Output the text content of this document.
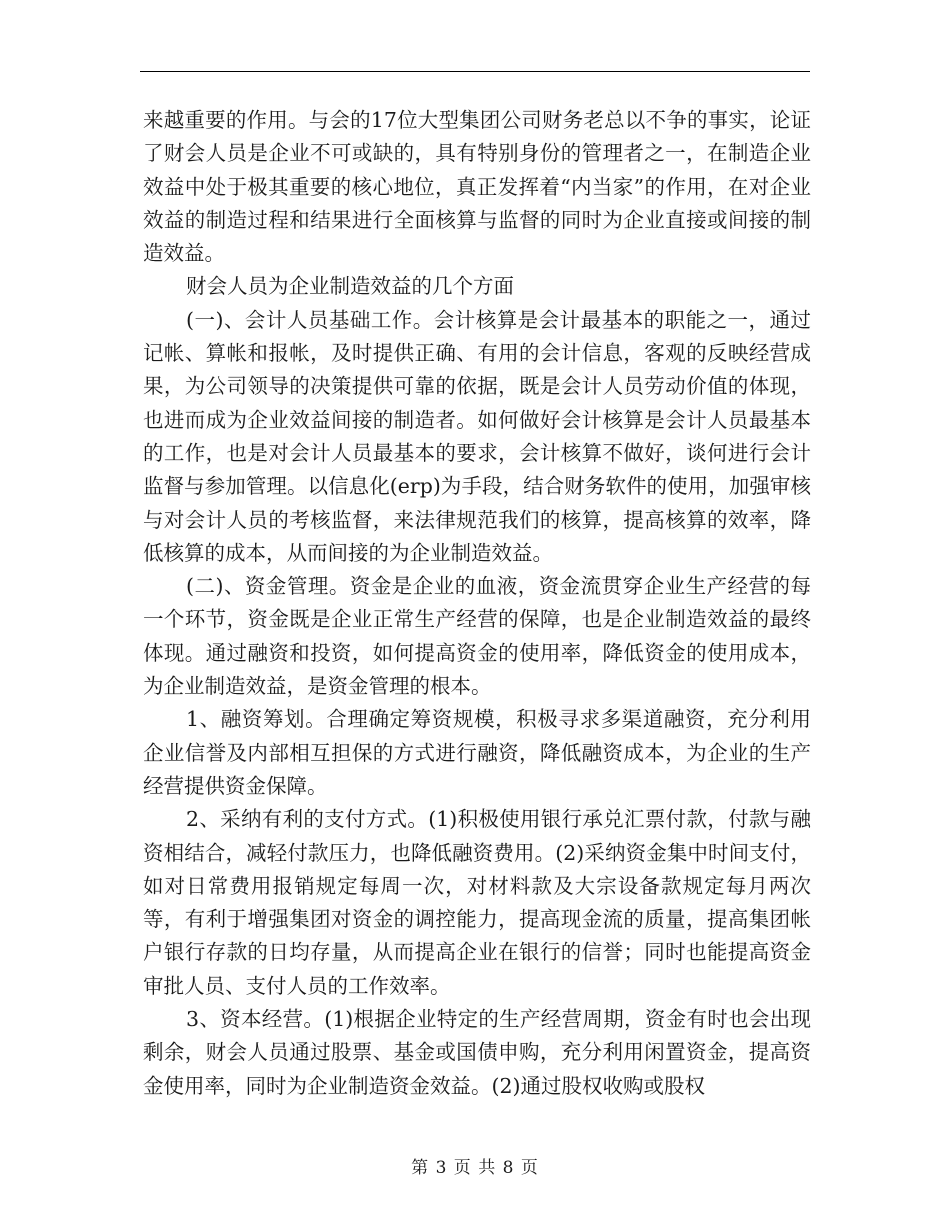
来越重要的作用。与会的17位大型集团公司财务老总以不争的事实，论证了财会人员是企业不可或缺的，具有特别身份的管理者之一，在制造企业效益中处于极其重要的核心地位，真正发挥着“内当家”的作用，在对企业效益的制造过程和结果进行全面核算与监督的同时为企业直接或间接的制造效益。

财会人员为企业制造效益的几个方面

(一)、会计人员基础工作。会计核算是会计最基本的职能之一，通过记帐、算帐和报帐，及时提供正确、有用的会计信息，客观的反映经营成果，为公司领导的决策提供可靠的依据，既是会计人员劳动价值的体现，也进而成为企业效益间接的制造者。如何做好会计核算是会计人员最基本的工作，也是对会计人员最基本的要求，会计核算不做好，谈何进行会计监督与参加管理。以信息化(erp)为手段，结合财务软件的使用，加强审核与对会计人员的考核监督，来法律规范我们的核算，提高核算的效率，降低核算的成本，从而间接的为企业制造效益。

(二)、资金管理。资金是企业的血液，资金流贯穿企业生产经营的每一个环节，资金既是企业正常生产经营的保障，也是企业制造效益的最终体现。通过融资和投资，如何提高资金的使用率，降低资金的使用成本，为企业制造效益，是资金管理的根本。

1、融资筹划。合理确定筹资规模，积极寻求多渠道融资，充分利用企业信誉及内部相互担保的方式进行融资，降低融资成本，为企业的生产经营提供资金保障。

2、采纳有利的支付方式。(1)积极使用银行承兑汇票付款，付款与融资相结合，减轻付款压力，也降低融资费用。(2)采纳资金集中时间支付，如对日常费用报销规定每周一次，对材料款及大宗设备款规定每月两次等，有利于增强集团对资金的调控能力，提高现金流的质量，提高集团帐户银行存款的日均存量，从而提高企业在银行的信誉；同时也能提高资金审批人员、支付人员的工作效率。

3、资本经营。(1)根据企业特定的生产经营周期，资金有时也会出现剩余，财会人员通过股票、基金或国债申购，充分利用闲置资金，提高资金使用率，同时为企业制造资金效益。(2)通过股权收购或股权

第 3 页 共 8 页
